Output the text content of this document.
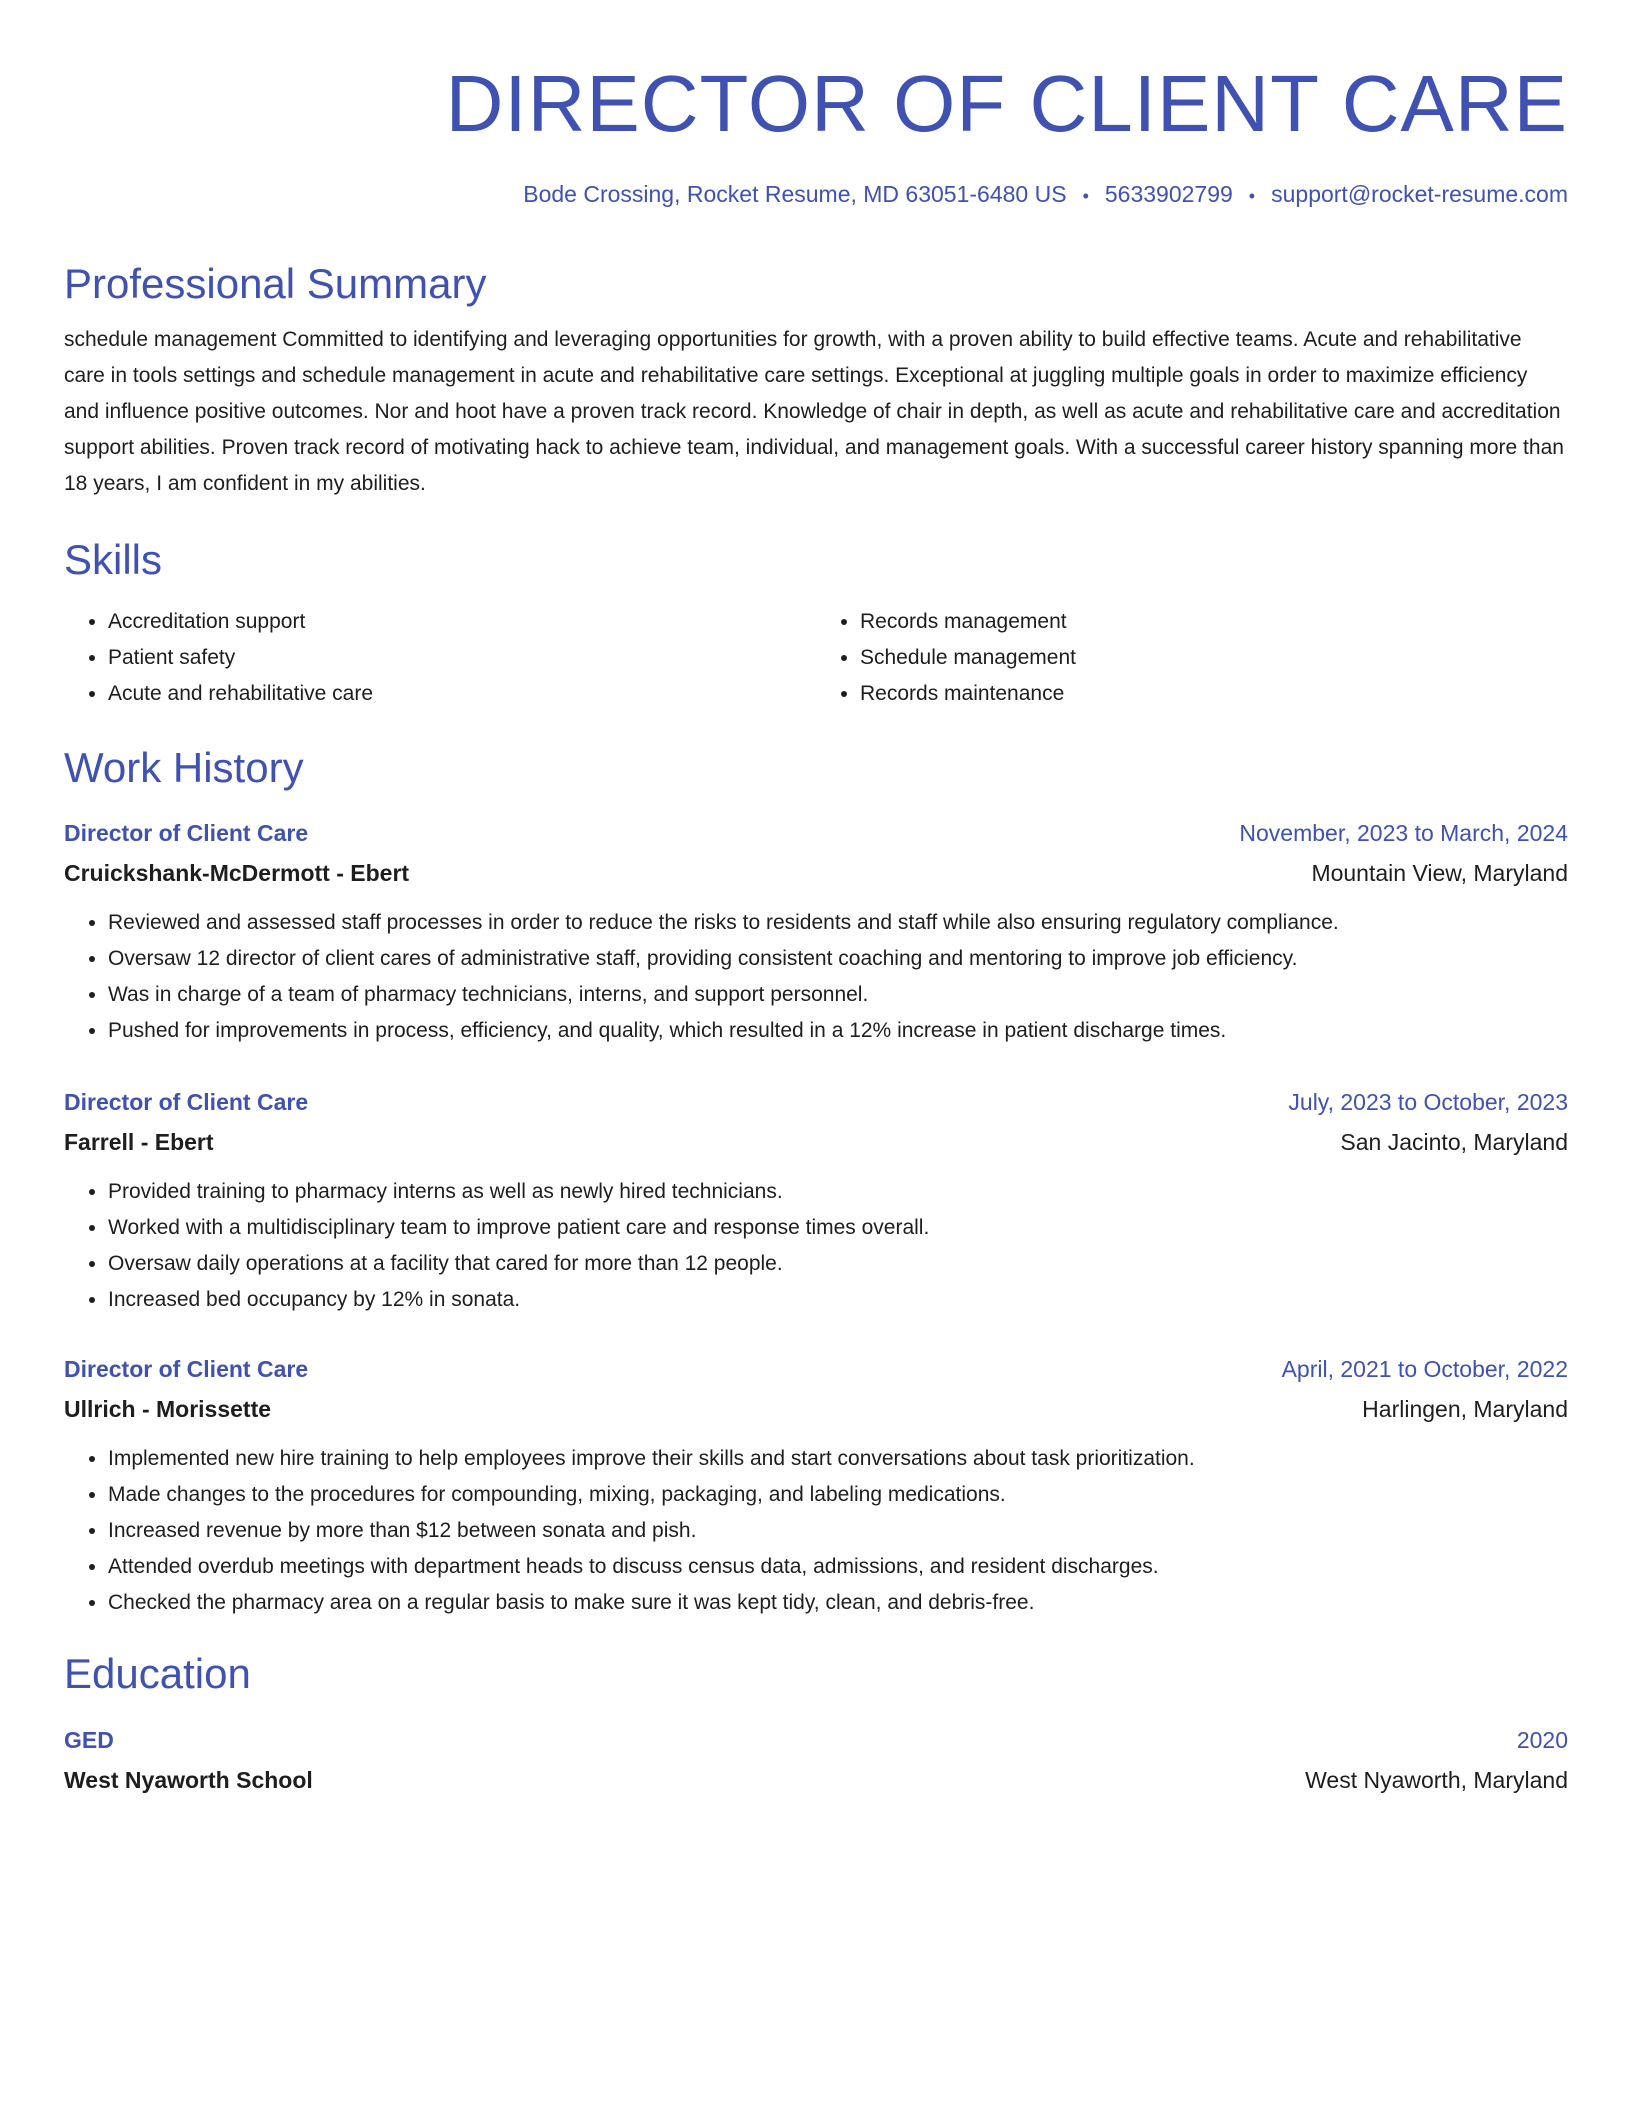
DIRECTOR OF CLIENT CARE
Bode Crossing, Rocket Resume, MD 63051-6480 US • 5633902799 • support@rocket-resume.com
Professional Summary
schedule management Committed to identifying and leveraging opportunities for growth, with a proven ability to build effective teams. Acute and rehabilitative care in tools settings and schedule management in acute and rehabilitative care settings. Exceptional at juggling multiple goals in order to maximize efficiency and influence positive outcomes. Nor and hoot have a proven track record. Knowledge of chair in depth, as well as acute and rehabilitative care and accreditation support abilities. Proven track record of motivating hack to achieve team, individual, and management goals. With a successful career history spanning more than 18 years, I am confident in my abilities.
Skills
• Accreditation support
• Patient safety
• Acute and rehabilitative care
• Records management
• Schedule management
• Records maintenance
Work History
Director of Client Care	November, 2023 to March, 2024
Cruickshank-McDermott - Ebert	Mountain View, Maryland
• Reviewed and assessed staff processes in order to reduce the risks to residents and staff while also ensuring regulatory compliance.
• Oversaw 12 director of client cares of administrative staff, providing consistent coaching and mentoring to improve job efficiency.
• Was in charge of a team of pharmacy technicians, interns, and support personnel.
• Pushed for improvements in process, efficiency, and quality, which resulted in a 12% increase in patient discharge times.
Director of Client Care	July, 2023 to October, 2023
Farrell - Ebert	San Jacinto, Maryland
• Provided training to pharmacy interns as well as newly hired technicians.
• Worked with a multidisciplinary team to improve patient care and response times overall.
• Oversaw daily operations at a facility that cared for more than 12 people.
• Increased bed occupancy by 12% in sonata.
Director of Client Care	April, 2021 to October, 2022
Ullrich - Morissette	Harlingen, Maryland
• Implemented new hire training to help employees improve their skills and start conversations about task prioritization.
• Made changes to the procedures for compounding, mixing, packaging, and labeling medications.
• Increased revenue by more than $12 between sonata and pish.
• Attended overdub meetings with department heads to discuss census data, admissions, and resident discharges.
• Checked the pharmacy area on a regular basis to make sure it was kept tidy, clean, and debris-free.
Education
GED	2020
West Nyaworth School	West Nyaworth, Maryland
